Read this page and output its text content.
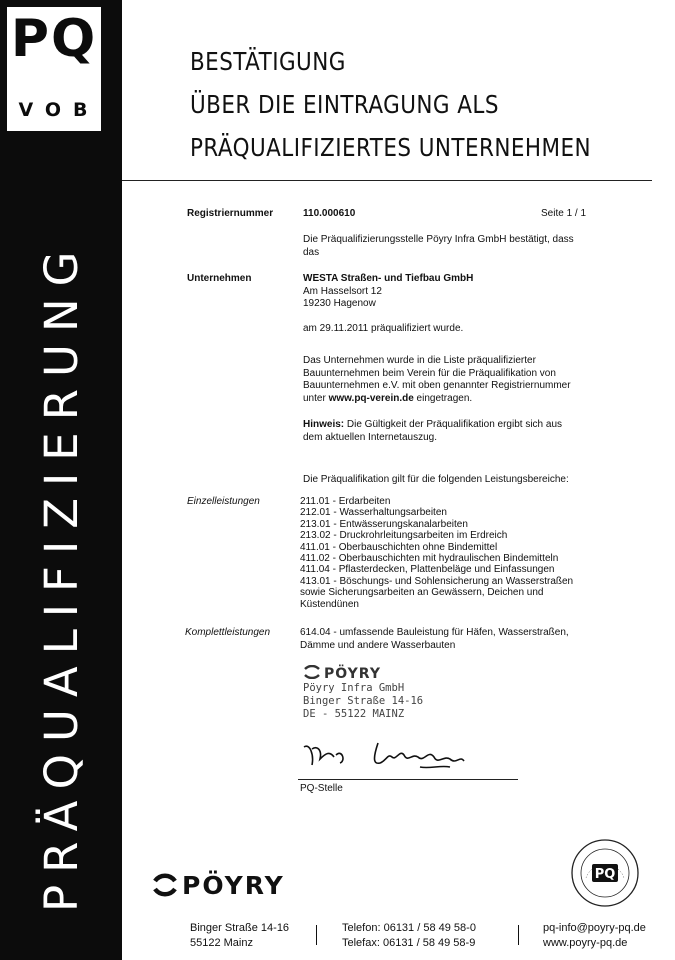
PQ
VOB
PRÄQUALIFIZIERUNG
BESTÄTIGUNG
ÜBER DIE EINTRAGUNG ALS
PRÄQUALIFIZIERTES UNTERNEHMEN
Registriernummer	110.000610	Seite 1 / 1
Die Präqualifizierungsstelle Pöyry Infra GmbH bestätigt, dass
das
Unternehmen	WESTA Straßen- und Tiefbau GmbH
Am Hasselsort 12
19230 Hagenow
am 29.11.2011 präqualifiziert wurde.
Das Unternehmen wurde in die Liste präqualifizierter
Bauunternehmen beim Verein für die Präqualifikation von
Bauunternehmen e.V. mit oben genannter Registriernummer
unter www.pq-verein.de eingetragen.
Hinweis: Die Gültigkeit der Präqualifikation ergibt sich aus
dem aktuellen Internetauszug.
Die Präqualifikation gilt für die folgenden Leistungsbereiche:
Einzelleistungen	211.01 - Erdarbeiten
212.01 - Wasserhaltungsarbeiten
213.01 - Entwässerungskanalarbeiten
213.02 - Druckrohrleitungsarbeiten im Erdreich
411.01 - Oberbauschichten ohne Bindemittel
411.02 - Oberbauschichten mit hydraulischen Bindemitteln
411.04 - Pflasterdecken, Plattenbeläge und Einfassungen
413.01 - Böschungs- und Sohlensicherung an Wasserstraßen
sowie Sicherungsarbeiten an Gewässern, Deichen und
Küstendünen
Komplettleistungen	614.04 - umfassende Bauleistung für Häfen, Wasserstraßen,
Dämme und andere Wasserbauten
PÖYRY
Pöyry Infra GmbH
Binger Straße 14-16
DE - 55122 MAINZ
PQ-Stelle
PQ
PÖYRY
Binger Straße 14-16
55122 Mainz
Telefon: 06131 / 58 49 58-0
Telefax: 06131 / 58 49 58-9
pq-info@poyry-pq.de
www.poyry-pq.de
